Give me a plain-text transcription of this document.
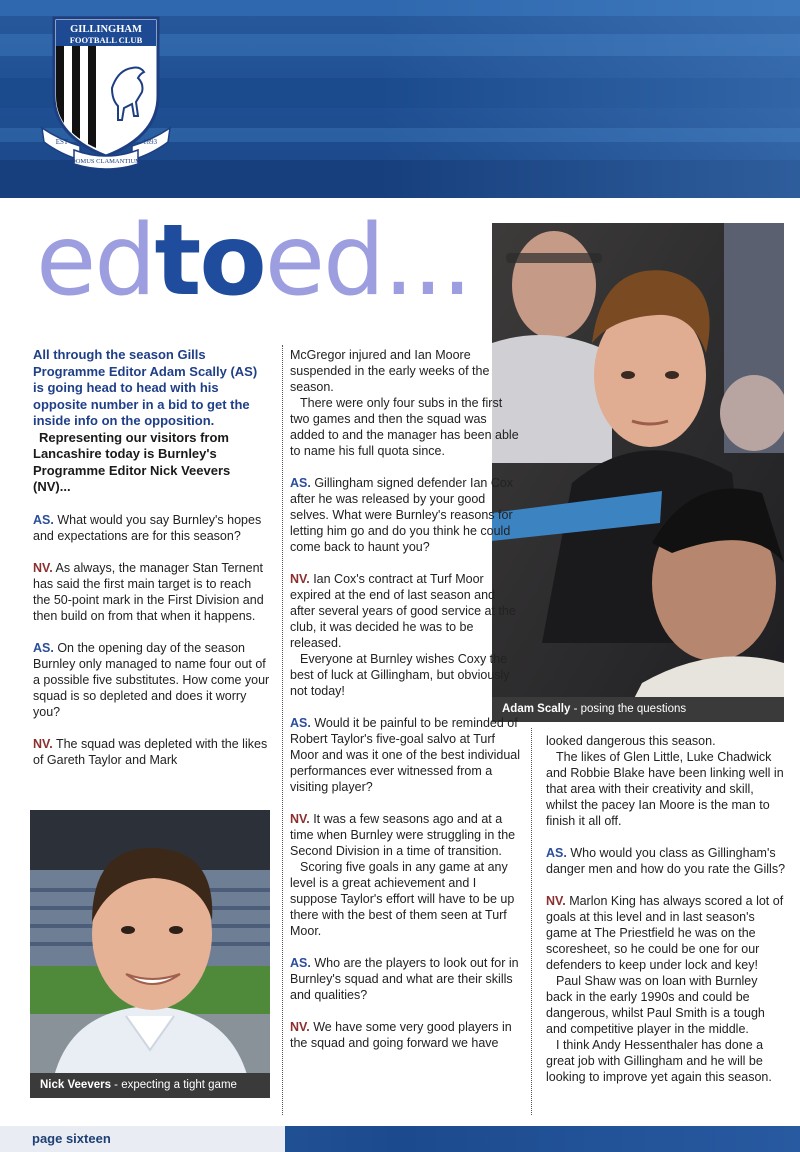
GILLINGHAM
FOOTBALL CLUB
EST	1893
DOMUS CLAMANTIUM
edtoed...
Adam Scally - posing the questions
Nick Veevers - expecting a tight game

All through the season Gills Programme Editor Adam Scally (AS) is going head to head with his opposite number in a bid to get the inside info on the opposition.

Representing our visitors from Lancashire today is Burnley's Programme Editor Nick Veevers (NV)...

AS. What would you say Burnley's hopes and expectations are for this season?

NV. As always, the manager Stan Ternent has said the first main target is to reach the 50-point mark in the First Division and then build on from that when it happens.

AS. On the opening day of the season Burnley only managed to name four out of a possible five substitutes. How come your squad is so depleted and does it worry you?

NV. The squad was depleted with the likes of Gareth Taylor and Mark

McGregor injured and Ian Moore suspended in the early weeks of the season.

There were only four subs in the first two games and then the squad was added to and the manager has been able to name his full quota since.

AS. Gillingham signed defender Ian Cox after he was released by your good selves. What were Burnley's reasons for letting him go and do you think he could come back to haunt you?

NV. Ian Cox's contract at Turf Moor expired at the end of last season and after several years of good service at the club, it was decided he was to be released.

Everyone at Burnley wishes Coxy the best of luck at Gillingham, but obviously not today!

AS. Would it be painful to be reminded of Robert Taylor's five-goal salvo at Turf Moor and was it one of the best individual performances ever witnessed from a visiting player?

NV. It was a few seasons ago and at a time when Burnley were struggling in the Second Division in a time of transition.

Scoring five goals in any game at any level is a great achievement and I suppose Taylor's effort will have to be up there with the best of them seen at Turf Moor.

AS. Who are the players to look out for in Burnley's squad and what are their skills and qualities?

NV. We have some very good players in the squad and going forward we have

looked dangerous this season.

The likes of Glen Little, Luke Chadwick and Robbie Blake have been linking well in that area with their creativity and skill, whilst the pacey Ian Moore is the man to finish it all off.

AS. Who would you class as Gillingham's danger men and how do you rate the Gills?

NV. Marlon King has always scored a lot of goals at this level and in last season's game at The Priestfield he was on the scoresheet, so he could be one for our defenders to keep under lock and key!

Paul Shaw was on loan with Burnley back in the early 1990s and could be dangerous, whilst Paul Smith is a tough and competitive player in the middle.

I think Andy Hessenthaler has done a great job with Gillingham and he will be looking to improve yet again this season.

page sixteen
